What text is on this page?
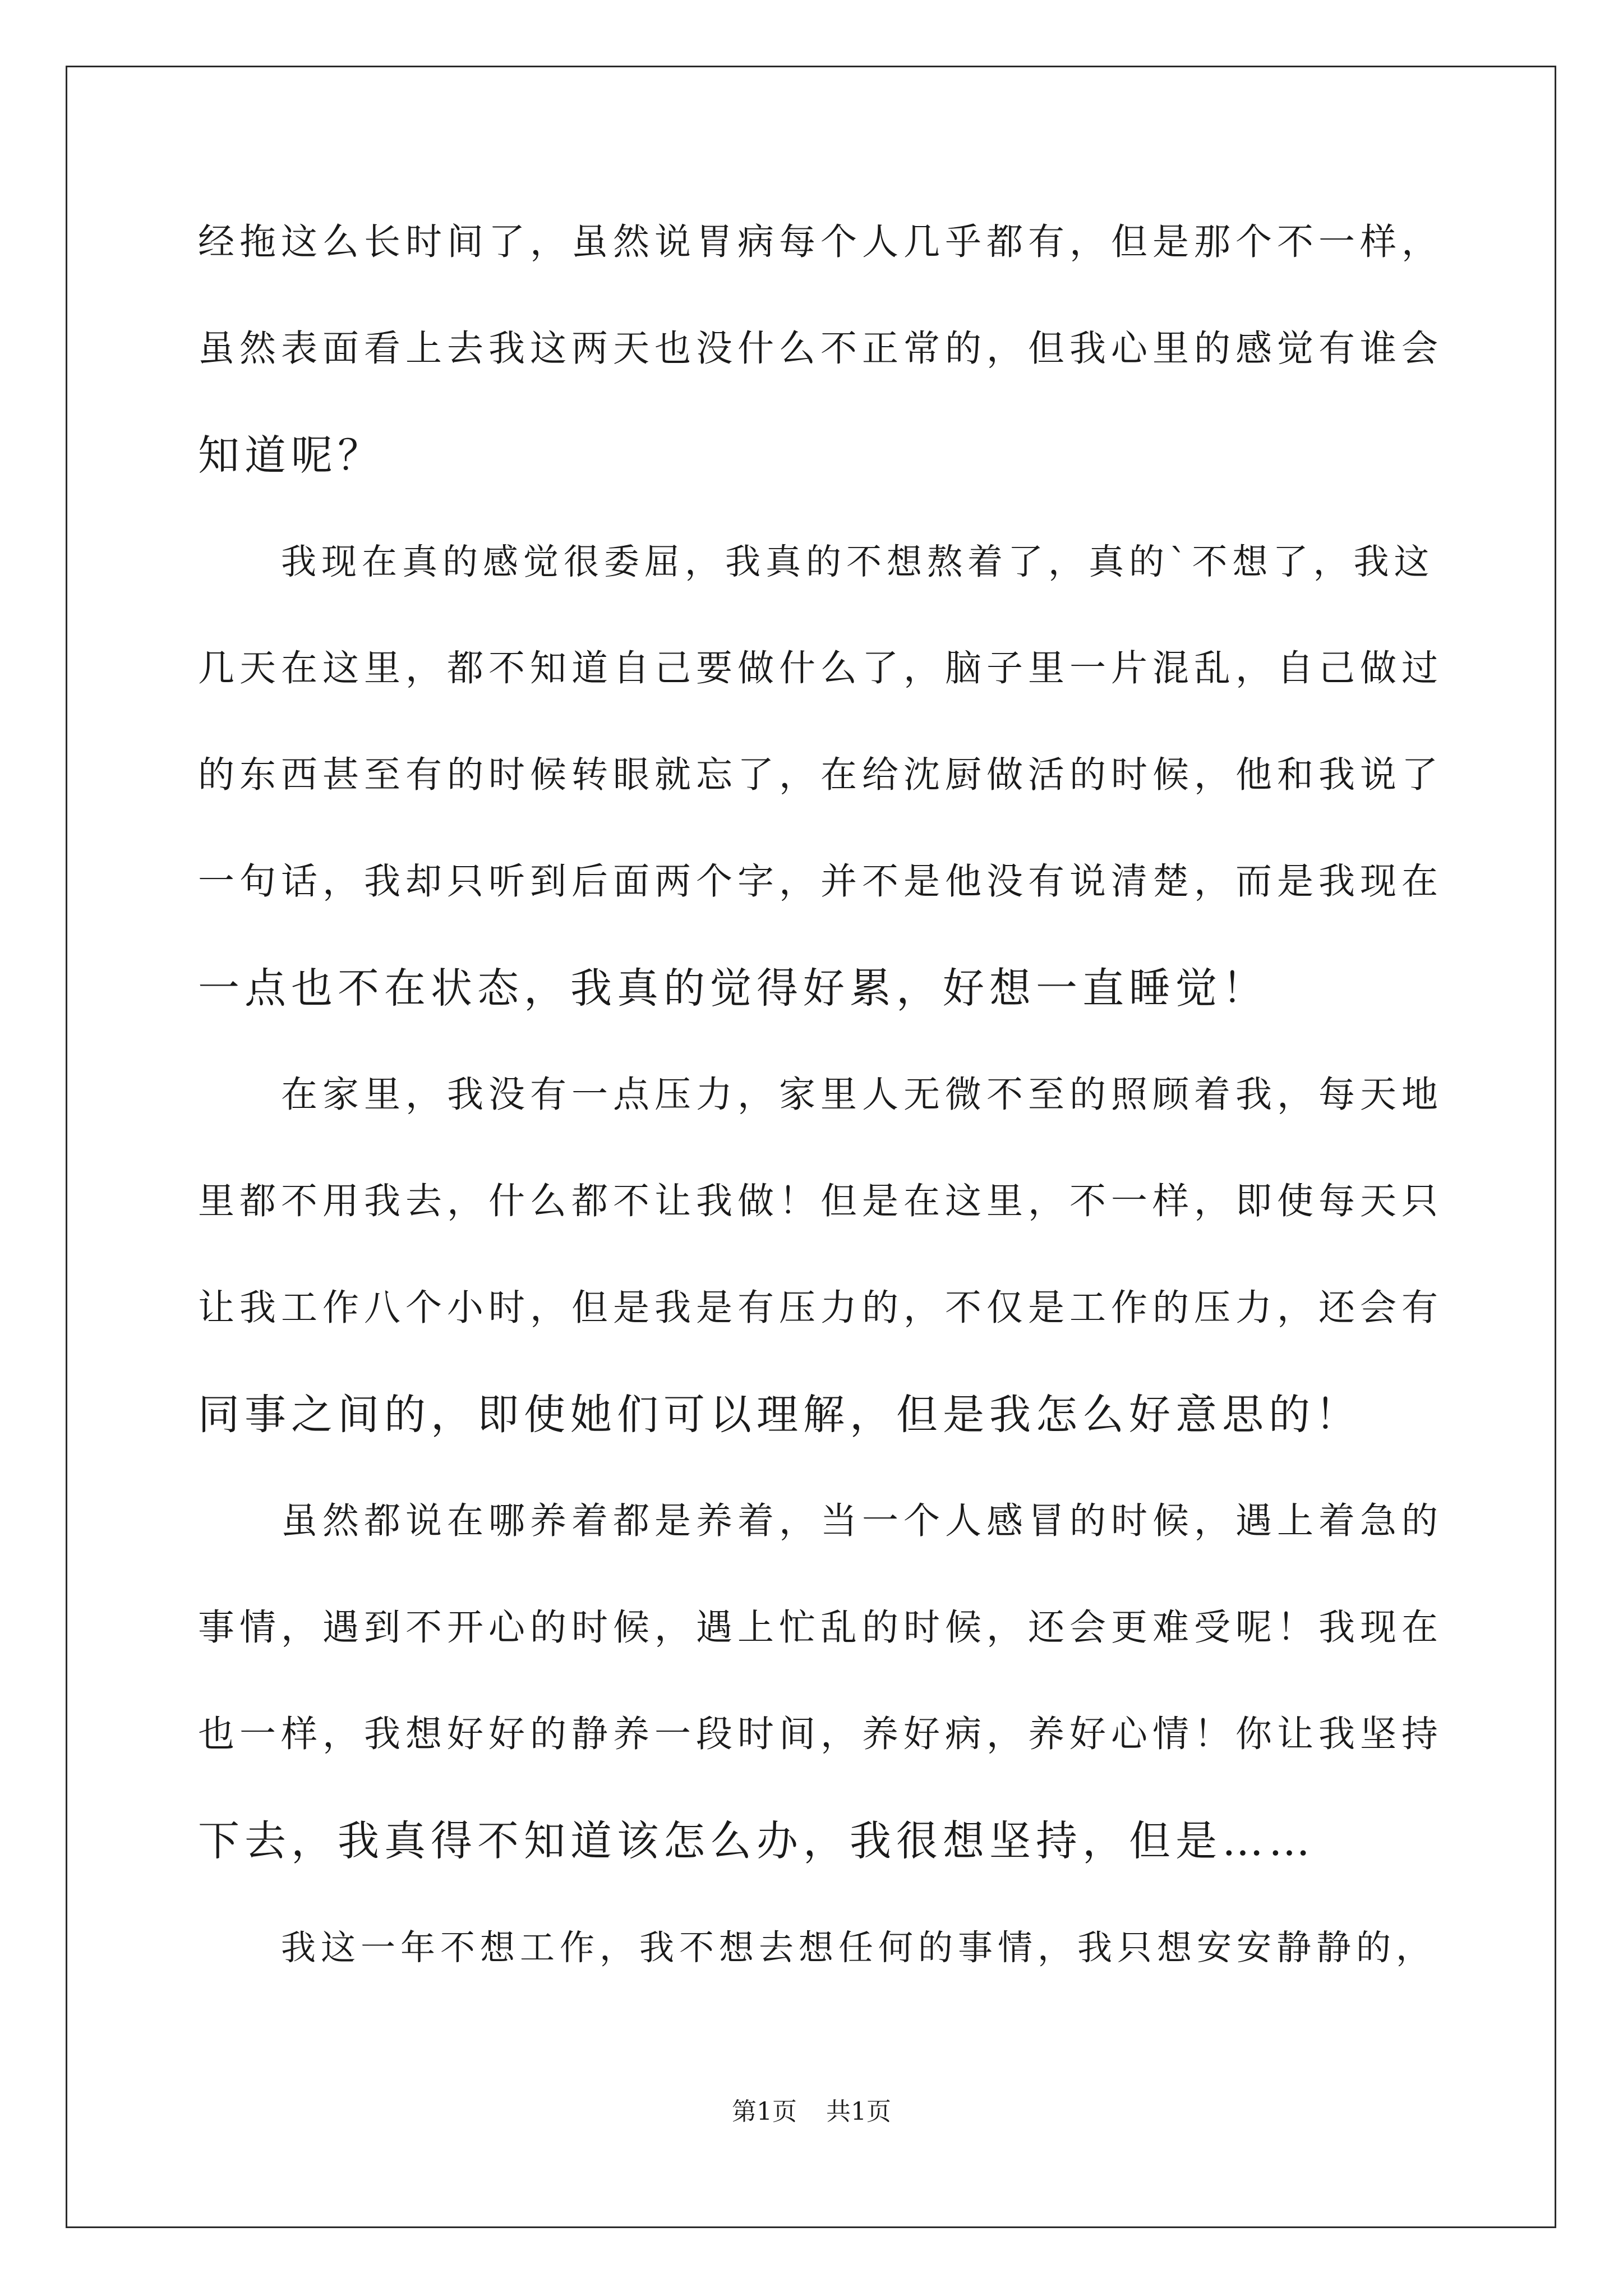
经拖这么长时间了，虽然说胃病每个人几乎都有，但是那个不一样，
虽然表面看上去我这两天也没什么不正常的，但我心里的感觉有谁会
知道呢？
我现在真的感觉很委屈，我真的不想熬着了，真的`不想了，我这
几天在这里，都不知道自己要做什么了，脑子里一片混乱，自己做过
的东西甚至有的时候转眼就忘了，在给沈厨做活的时候，他和我说了
一句话，我却只听到后面两个字，并不是他没有说清楚，而是我现在
一点也不在状态，我真的觉得好累，好想一直睡觉！
在家里，我没有一点压力，家里人无微不至的照顾着我，每天地
里都不用我去，什么都不让我做！但是在这里，不一样，即使每天只
让我工作八个小时，但是我是有压力的，不仅是工作的压力，还会有
同事之间的，即使她们可以理解，但是我怎么好意思的！
虽然都说在哪养着都是养着，当一个人感冒的时候，遇上着急的
事情，遇到不开心的时候，遇上忙乱的时候，还会更难受呢！我现在
也一样，我想好好的静养一段时间，养好病，养好心情！你让我坚持
下去，我真得不知道该怎么办，我很想坚持，但是……
我这一年不想工作，我不想去想任何的事情，我只想安安静静的，
第1页 共1页
